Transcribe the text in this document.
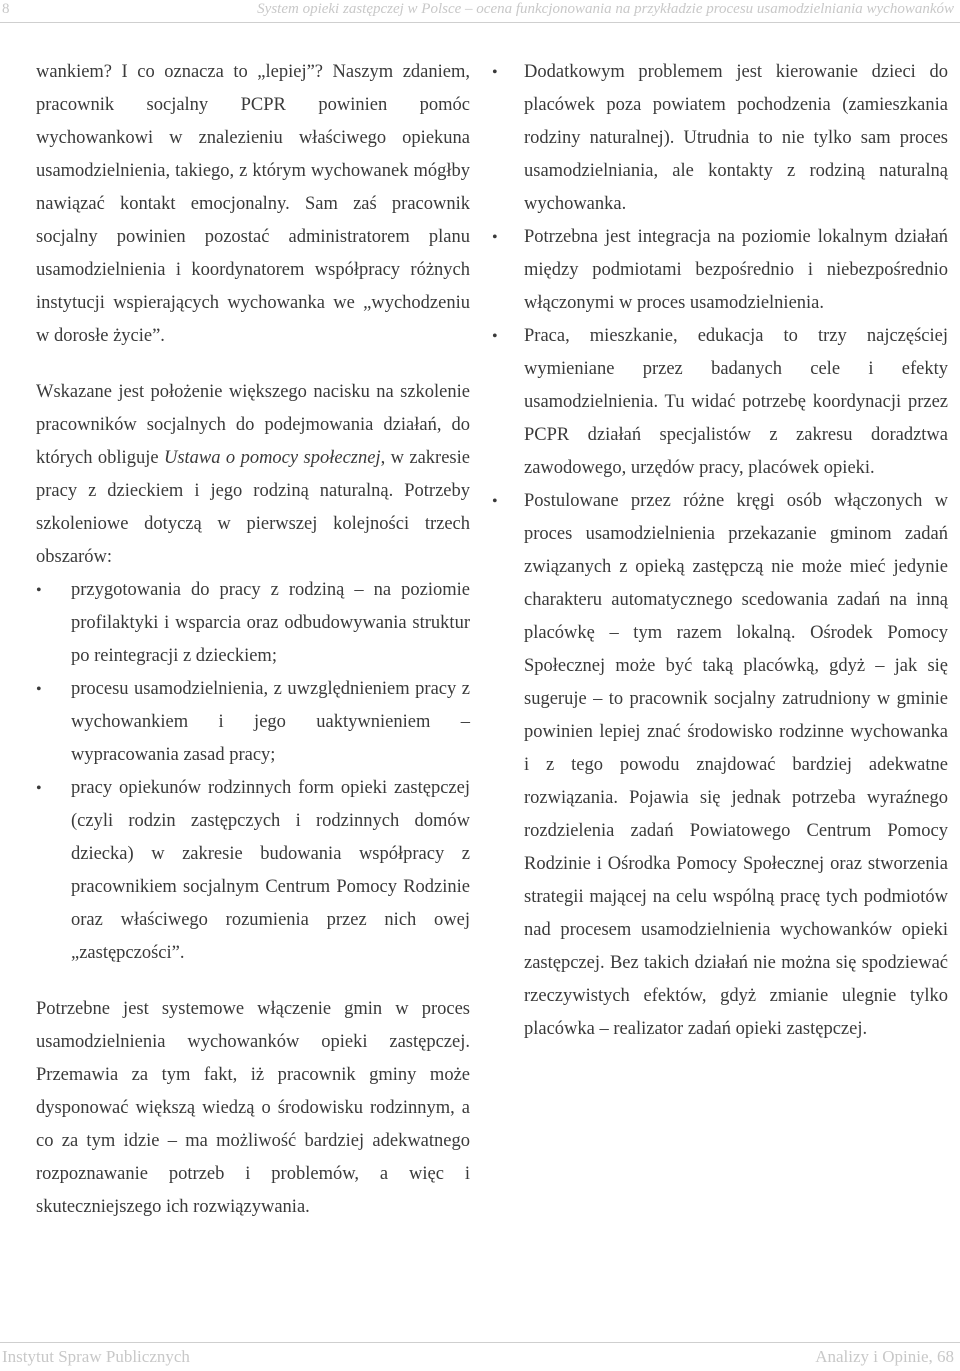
8	System opieki zastępczej w Polsce – ocena funkcjonowania na przykładzie procesu usamodzielniania wychowanków

wankiem? I co oznacza to „lepiej”? Naszym zdaniem, pracownik socjalny PCPR powinien pomóc wychowankowi w znalezieniu właściwego opiekuna usamodzielnienia, takiego, z którym wychowanek mógłby nawiązać kontakt emocjonalny. Sam zaś pracownik socjalny powinien pozostać administratorem planu usamodzielnienia i koordynatorem współpracy różnych instytucji wspierających wychowanka we „wychodzeniu w dorosłe życie”.

Wskazane jest położenie większego nacisku na szkolenie pracowników socjalnych do podejmowania działań, do których obliguje Ustawa o pomocy społecznej, w zakresie pracy z dzieckiem i jego rodziną naturalną. Potrzeby szkoleniowe dotyczą w pierwszej kolejności trzech obszarów:

• przygotowania do pracy z rodziną – na poziomie profilaktyki i wsparcia oraz odbudowywania struktur po reintegracji z dzieckiem;
• procesu usamodzielnienia, z uwzględnieniem pracy z wychowankiem i jego uaktywnieniem – wypracowania zasad pracy;
• pracy opiekunów rodzinnych form opieki zastępczej (czyli rodzin zastępczych i rodzinnych domów dziecka) w zakresie budowania współpracy z pracownikiem socjalnym Centrum Pomocy Rodzinie oraz właściwego rozumienia przez nich owej „zastępczości”.

Potrzebne jest systemowe włączenie gmin w proces usamodzielnienia wychowanków opieki zastępczej. Przemawia za tym fakt, iż pracownik gminy może dysponować większą wiedzą o środowisku rodzinnym, a co za tym idzie – ma możliwość bardziej adekwatnego rozpoznawanie potrzeb i problemów, a więc i skuteczniejszego ich rozwiązywania.

• Dodatkowym problemem jest kierowanie dzieci do placówek poza powiatem pochodzenia (zamieszkania rodziny naturalnej). Utrudnia to nie tylko sam proces usamodzielniania, ale kontakty z rodziną naturalną wychowanka.
• Potrzebna jest integracja na poziomie lokalnym działań między podmiotami bezpośrednio i niebezpośrednio włączonymi w proces usamodzielnienia.
• Praca, mieszkanie, edukacja to trzy najczęściej wymieniane przez badanych cele i efekty usamodzielnienia. Tu widać potrzebę koordynacji przez PCPR działań specjalistów z zakresu doradztwa zawodowego, urzędów pracy, placówek opieki.
• Postulowane przez różne kręgi osób włączonych w proces usamodzielnienia przekazanie gminom zadań związanych z opieką zastępczą nie może mieć jedynie charakteru automatycznego scedowania zadań na inną placówkę – tym razem lokalną. Ośrodek Pomocy Społecznej może być taką placówką, gdyż – jak się sugeruje – to pracownik socjalny zatrudniony w gminie powinien lepiej znać środowisko rodzinne wychowanka i z tego powodu znajdować bardziej adekwatne rozwiązania. Pojawia się jednak potrzeba wyraźnego rozdzielenia zadań Powiatowego Centrum Pomocy Rodzinie i Ośrodka Pomocy Społecznej oraz stworzenia strategii mającej na celu wspólną pracę tych podmiotów nad procesem usamodzielnienia wychowanków opieki zastępczej. Bez takich działań nie można się spodziewać rzeczywistych efektów, gdyż zmianie ulegnie tylko placówka – realizator zadań opieki zastępczej.
Instytut Spraw Publicznych	Analizy i Opinie, 68
